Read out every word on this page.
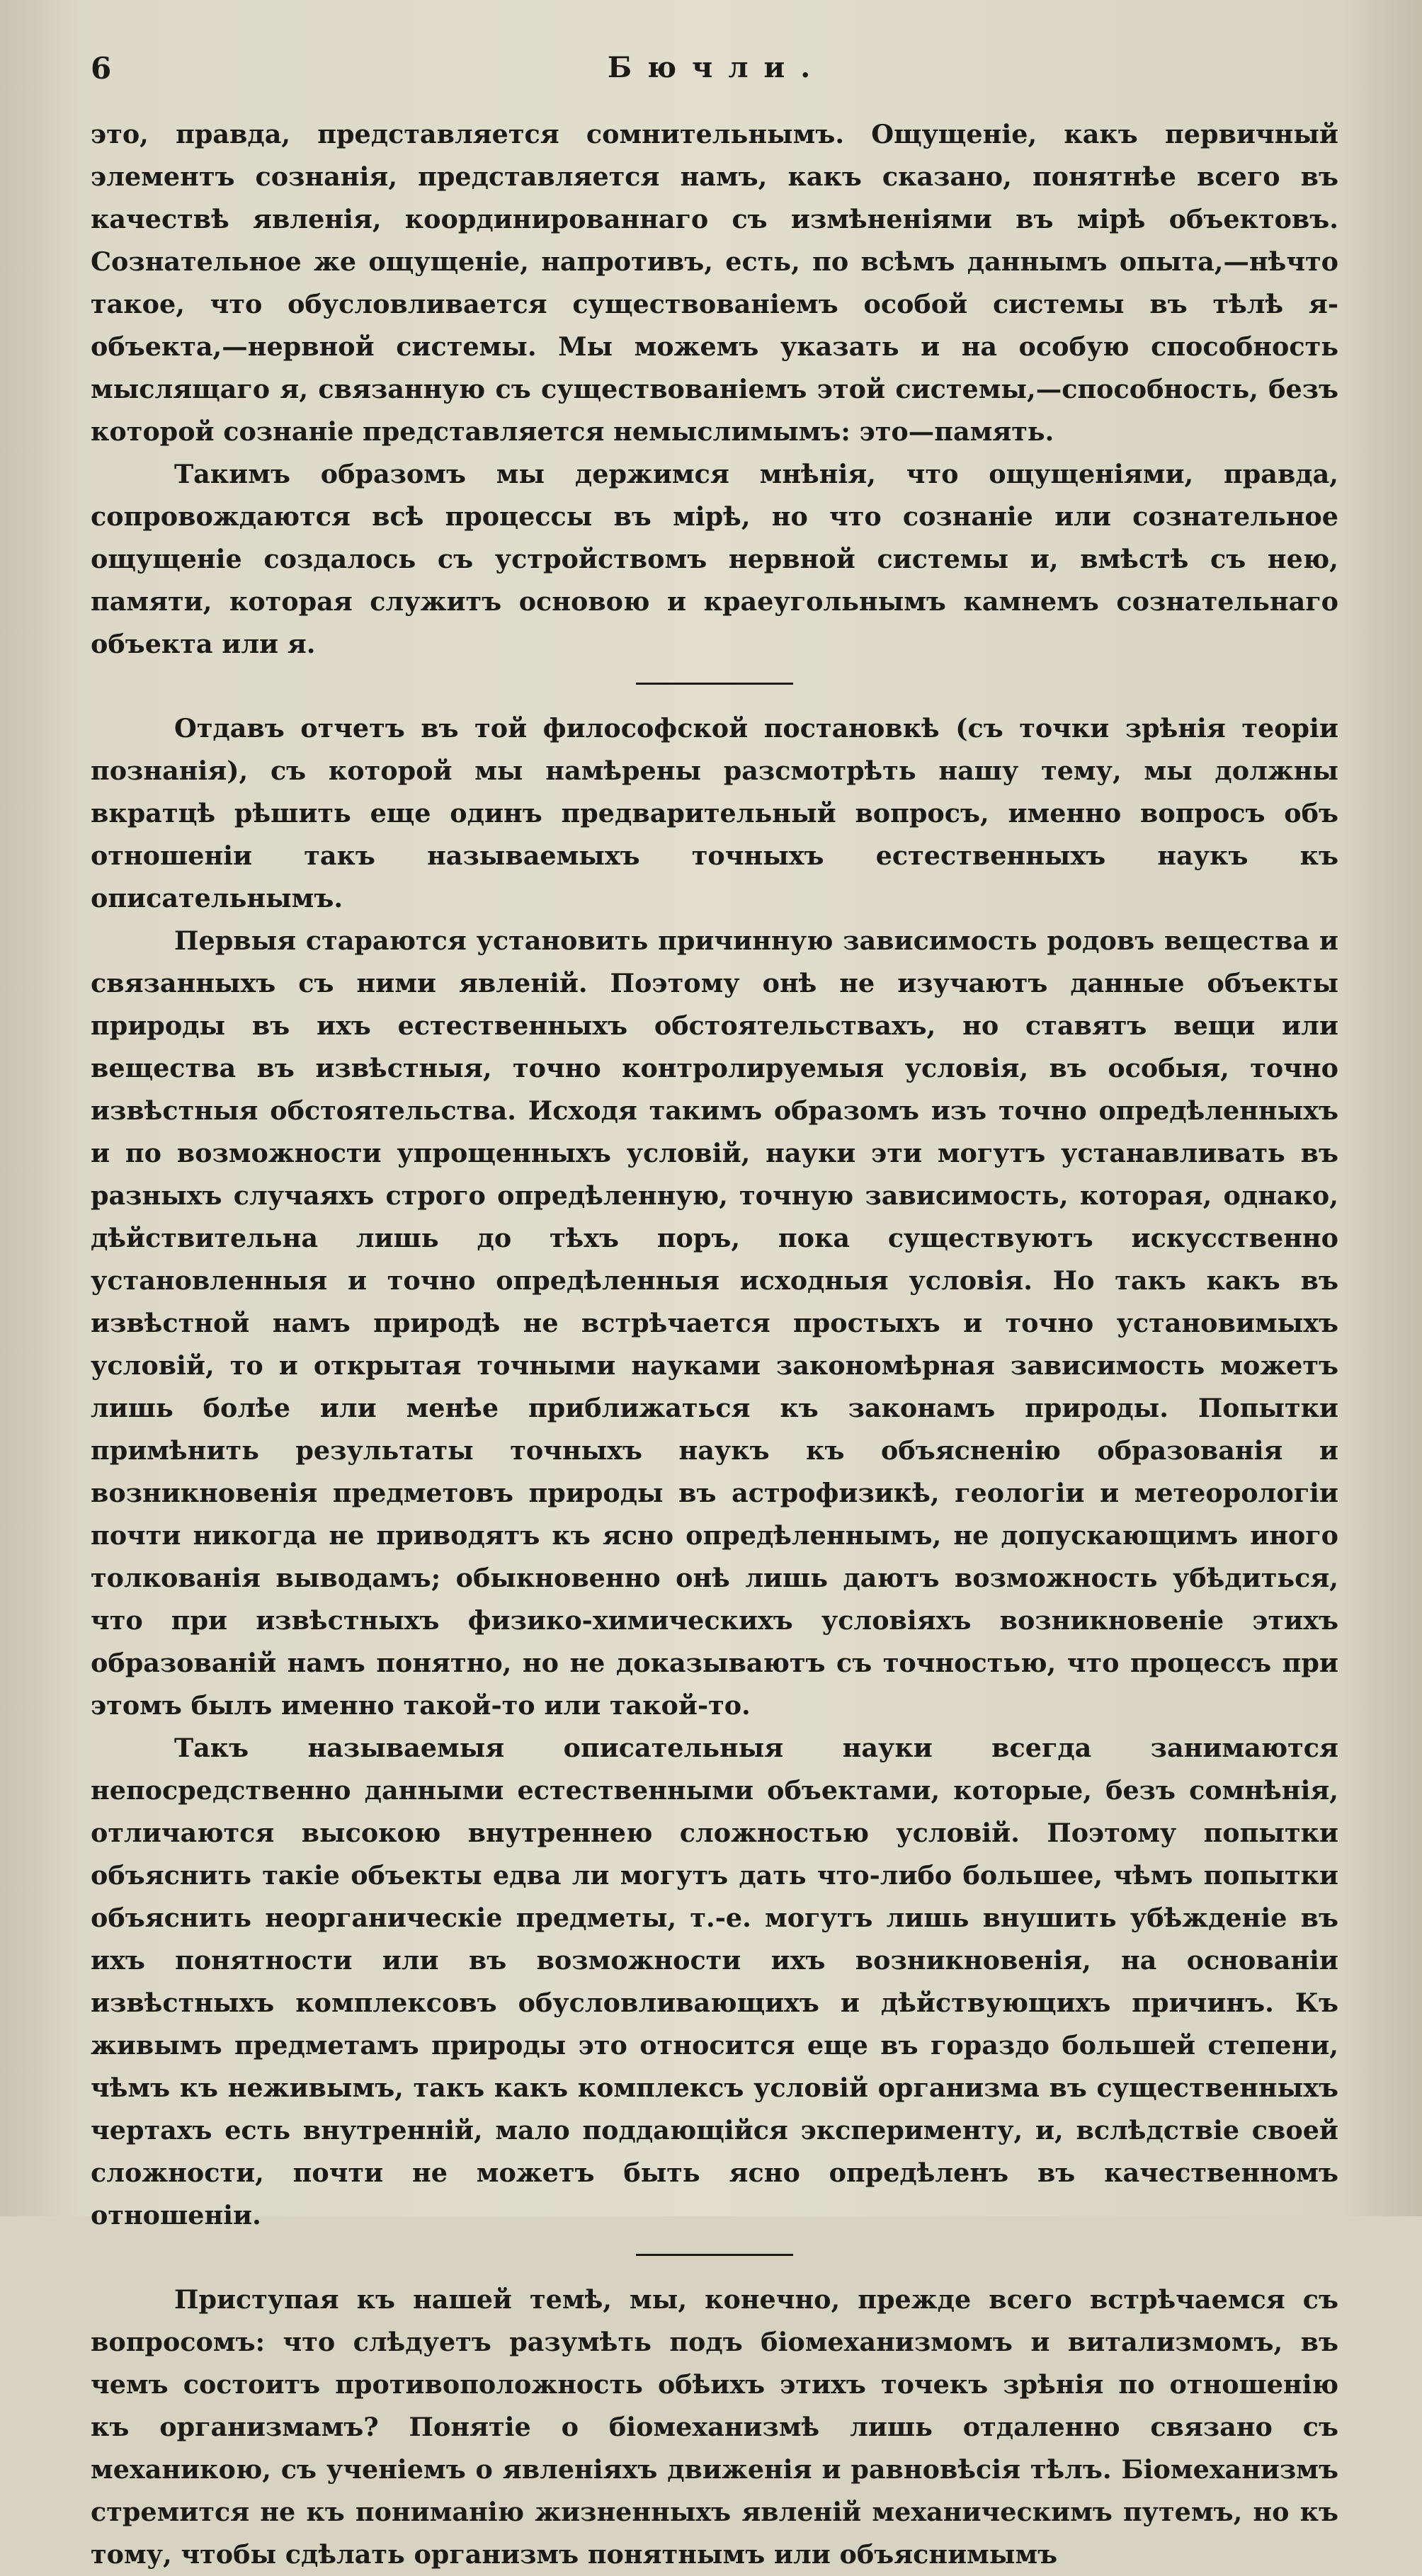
6	Бючли.

это, правда, представляется сомнительнымъ. Ощущеніе, какъ первичный элементъ сознанія, представляется намъ, какъ сказано, понятнѣе всего въ качествѣ явленія, координированнаго съ измѣненіями въ мірѣ объектовъ. Сознательное же ощущеніе, напротивъ, есть, по всѣмъ даннымъ опыта,—нѣчто такое, что обусловливается существованіемъ особой системы въ тѣлѣ я-объекта,—нервной системы. Мы можемъ указать и на особую способность мыслящаго я, связанную съ существованіемъ этой системы,—способность, безъ которой сознаніе представляется немыслимымъ: это—память.

Такимъ образомъ мы держимся мнѣнія, что ощущеніями, правда, сопровождаются всѣ процессы въ мірѣ, но что сознаніе или сознательное ощущеніе создалось съ устройствомъ нервной системы и, вмѣстѣ съ нею, памяти, которая служитъ основою и краеугольнымъ камнемъ сознательнаго объекта или я.

Отдавъ отчетъ въ той философской постановкѣ (съ точки зрѣнія теоріи познанія), съ которой мы намѣрены разсмотрѣть нашу тему, мы должны вкратцѣ рѣшить еще одинъ предварительный вопросъ, именно вопросъ объ отношеніи такъ называемыхъ точныхъ естественныхъ наукъ къ описательнымъ.

Первыя стараются установить причинную зависимость родовъ вещества и связанныхъ съ ними явленій. Поэтому онѣ не изучаютъ данные объекты природы въ ихъ естественныхъ обстоятельствахъ, но ставятъ вещи или вещества въ извѣстныя, точно контролируемыя условія, въ особыя, точно извѣстныя обстоятельства. Исходя такимъ образомъ изъ точно опредѣленныхъ и по возможности упрощенныхъ условій, науки эти могутъ устанавливать въ разныхъ случаяхъ строго опредѣленную, точную зависимость, которая, однако, дѣйствительна лишь до тѣхъ поръ, пока существуютъ искусственно установленныя и точно опредѣленныя исходныя условія. Но такъ какъ въ извѣстной намъ природѣ не встрѣчается простыхъ и точно установимыхъ условій, то и открытая точными науками закономѣрная зависимость можетъ лишь болѣе или менѣе приближаться къ законамъ природы. Попытки примѣнить результаты точныхъ наукъ къ объясненію образованія и возникновенія предметовъ природы въ астрофизикѣ, геологіи и метеорологіи почти никогда не приводятъ къ ясно опредѣленнымъ, не допускающимъ иного толкованія выводамъ; обыкновенно онѣ лишь даютъ возможность убѣдиться, что при извѣстныхъ физико-химическихъ условіяхъ возникновеніе этихъ образованій намъ понятно, но не доказываютъ съ точностью, что процессъ при этомъ былъ именно такой-то или такой-то.

Такъ называемыя описательныя науки всегда занимаются непосредственно данными естественными объектами, которые, безъ сомнѣнія, отличаются высокою внутреннею сложностью условій. Поэтому попытки объяснить такіе объекты едва ли могутъ дать что-либо большее, чѣмъ попытки объяснить неорганическіе предметы, т.-е. могутъ лишь внушить убѣжденіе въ ихъ понятности или въ возможности ихъ возникновенія, на основаніи извѣстныхъ комплексовъ обусловливающихъ и дѣйствующихъ причинъ. Къ живымъ предметамъ природы это относится еще въ гораздо большей степени, чѣмъ къ неживымъ, такъ какъ комплексъ условій организма въ существенныхъ чертахъ есть внутренній, мало поддающійся эксперименту, и, вслѣдствіе своей сложности, почти не можетъ быть ясно опредѣленъ въ качественномъ отношеніи.

Приступая къ нашей темѣ, мы, конечно, прежде всего встрѣчаемся съ вопросомъ: что слѣдуетъ разумѣть подъ біомеханизмомъ и витализмомъ, въ чемъ состоитъ противоположность обѣихъ этихъ точекъ зрѣнія по отношенію къ организмамъ? Понятіе о біомеханизмѣ лишь отдаленно связано съ механикою, съ ученіемъ о явленіяхъ движенія и равновѣсія тѣлъ. Біомеханизмъ стремится не къ пониманію жизненныхъ явленій механическимъ путемъ, но къ тому, чтобы сдѣлать организмъ понятнымъ или объяснимымъ
